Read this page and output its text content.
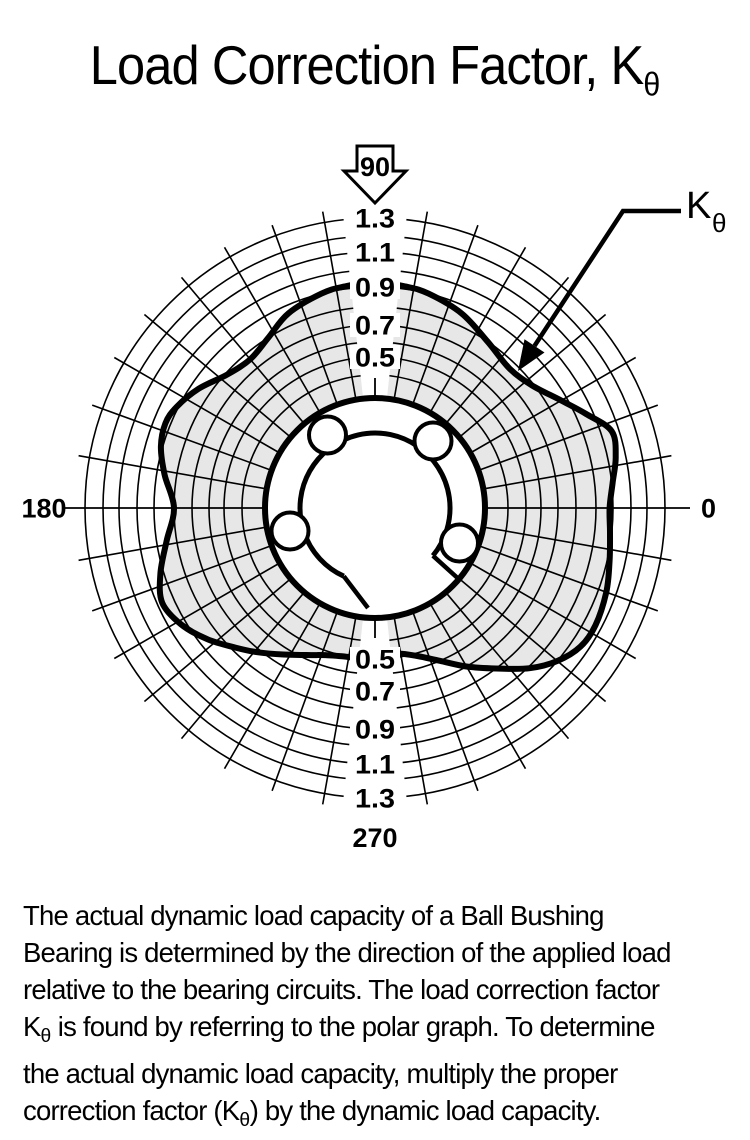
Load Correction Factor, $K_\theta$
0.5
0.5
0.7
0.7
0.9
0.9
1.1
1.1
1.3
1.3
90
0
180
270
K θ
The actual dynamic load capacity of a Ball Bushing
Bearing is determined by the direction of the applied load
relative to the bearing circuits. The load correction factor
$K_\theta$ is found by referring to the polar graph. To determine
the actual dynamic load capacity, multiply the proper
correction factor $(K_\theta)$ by the dynamic load capacity.
